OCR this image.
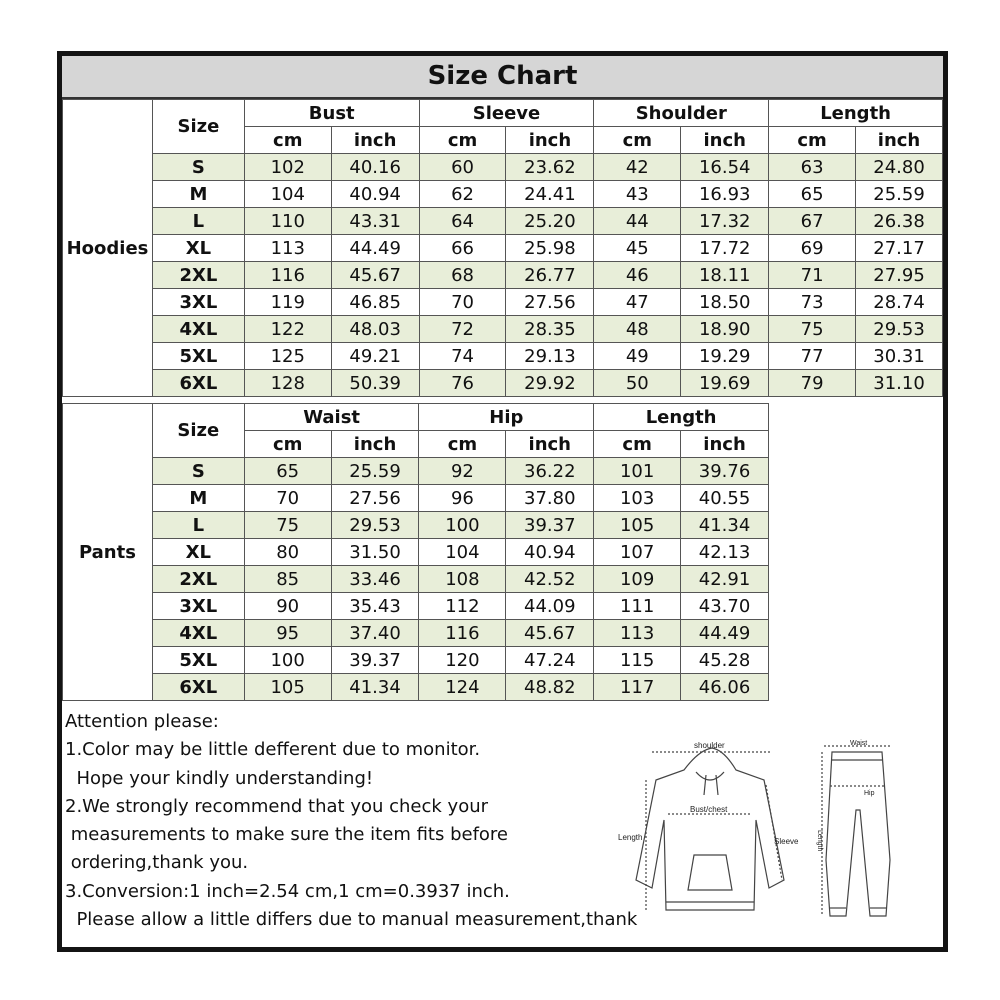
Size Chart
Hoodies	Size	Bust		Sleeve		Shoulder		Length	
		cm	inch	cm	inch	cm	inch	cm	inch
	S	102	40.16	60	23.62	42	16.54	63	24.80
	M	104	40.94	62	24.41	43	16.93	65	25.59
	L	110	43.31	64	25.20	44	17.32	67	26.38
	XL	113	44.49	66	25.98	45	17.72	69	27.17
	2XL	116	45.67	68	26.77	46	18.11	71	27.95
	3XL	119	46.85	70	27.56	47	18.50	73	28.74
	4XL	122	48.03	72	28.35	48	18.90	75	29.53
	5XL	125	49.21	74	29.13	49	19.29	77	30.31
	6XL	128	50.39	76	29.92	50	19.69	79	31.10
Pants	Size	Waist		Hip		Length	
		cm	inch	cm	inch	cm	inch
	S	65	25.59	92	36.22	101	39.76
	M	70	27.56	96	37.80	103	40.55
	L	75	29.53	100	39.37	105	41.34
	XL	80	31.50	104	40.94	107	42.13
	2XL	85	33.46	108	42.52	109	42.91
	3XL	90	35.43	112	44.09	111	43.70
	4XL	95	37.40	116	45.67	113	44.49
	5XL	100	39.37	120	47.24	115	45.28
	6XL	105	41.34	124	48.82	117	46.06
Attention please:
1.Color may be little defferent due to monitor.
Hope your kindly understanding!
2.We strongly recommend that you check your
measurements to make sure the item fits before
ordering,thank you.
3.Conversion:1 inch=2.54 cm,1 cm=0.3937 inch.
Please allow a little differs due to manual measurement,thank
shoulder
Bust/chest
Length	Sleeve
Waist
Hip
Length
